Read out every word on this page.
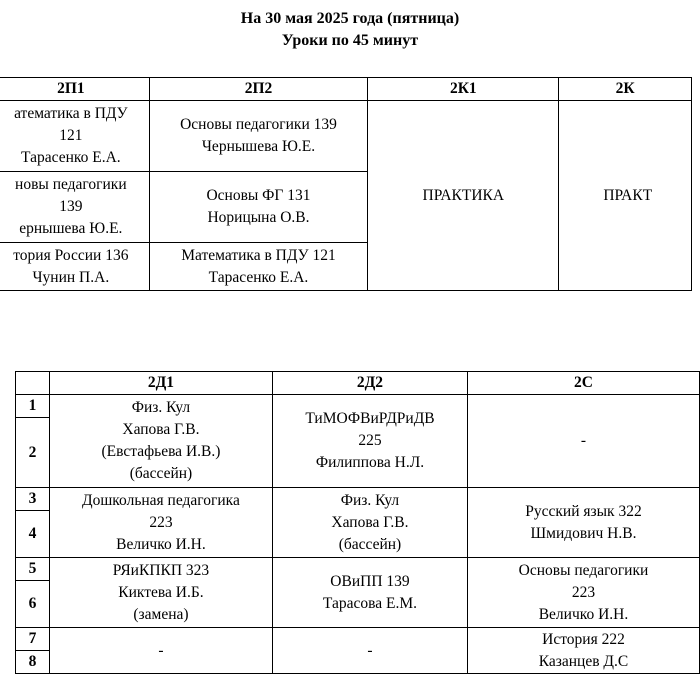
На 30 мая 2025 года (пятница)
Уроки по 45 минут
2П1	2П2	2К1	2К

атематика в ПДУ
121
Тарасенко Е.А.	Основы педагогики 139
Чернышева Ю.Е.	ПРАКТИКА	ПРАКТ

новы педагогики
139
ернышева Ю.Е.	Основы ФГ 131
Норицына О.В.		

тория России 136
Чунин П.А.	Математика в ПДУ 121
Тарасенко Е.А.		
	2Д1	2Д2	2С
1	Физ. Кул
Хапова Г.В.
(Евстафьева И.В.)
(бассейн)	ТиМОФВиРДРиДВ
225
Филиппова Н.Л.	-
2			
3	Дошкольная педагогика
223
Величко И.Н.	Физ. Кул
Хапова Г.В.
(бассейн)	Русский язык 322
Шмидович Н.В.

4			
5	РЯиКПКП 323
Киктева И.Б.
(замена)	ОВиПП 139
Тарасова Е.М.	Основы педагогики
223
Величко И.Н.

6			
7	-	-	История 222
Казанцев Д.С

8			
